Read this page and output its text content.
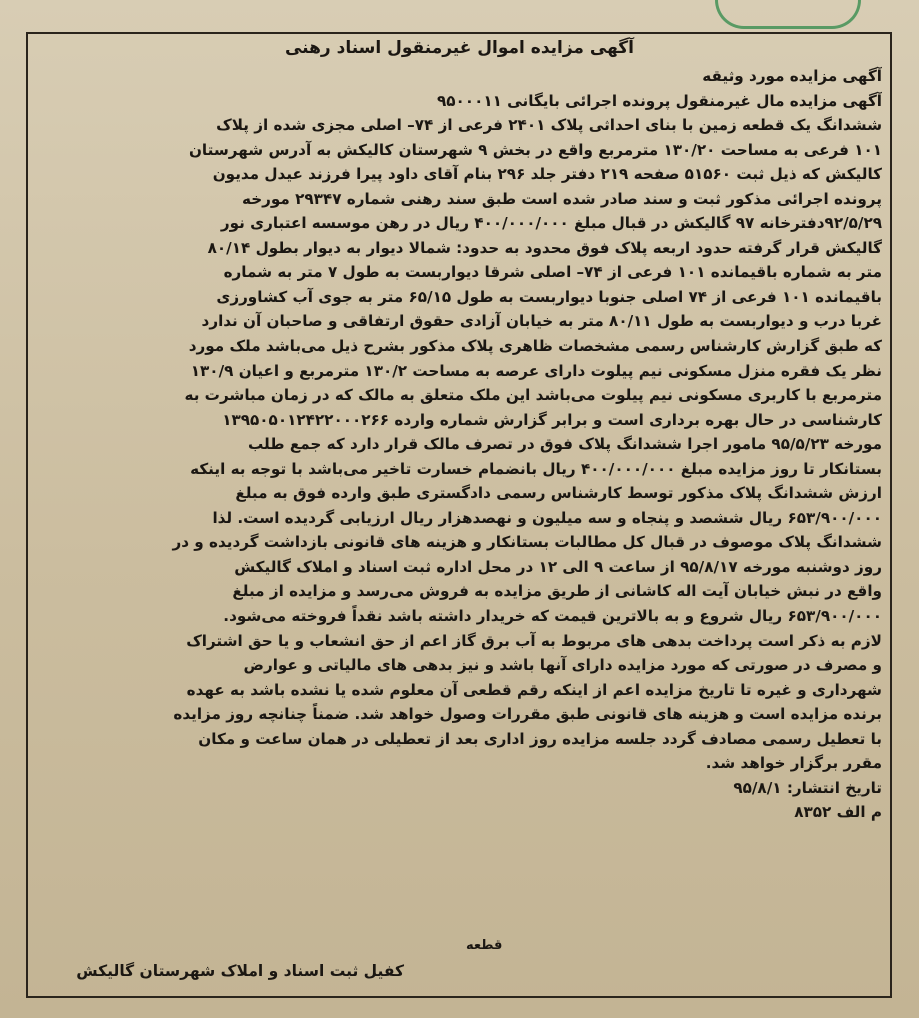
آگهی مزایده اموال غیرمنقول اسناد رهنی
آگهی مزایده مورد وثیقه
آگهی مزایده مال غیرمنقول پرونده اجرائی بایگانی ۹۵۰۰۰۱۱
ششدانگ یک قطعه زمین با بنای احداثی پلاک ۲۴۰۱ فرعی از ۷۴– اصلی مجزی شده از پلاک
۱۰۱ فرعی به مساحت ۱۳۰/۲۰ مترمربع واقع در بخش ۹ شهرستان کالیکش به آدرس شهرستان
کالیکش که ذیل ثبت ۵۱۵۶۰ صفحه ۲۱۹ دفتر جلد ۲۹۶ بنام آقای داود پیرا فرزند عیدل مدیون
پرونده اجرائی مذکور ثبت و سند صادر شده است طبق سند رهنی شماره ۲۹۳۴۷ مورخه
۹۲/۵/۲۹دفترخانه ۹۷ گالیکش در قبال مبلغ ۴۰۰/۰۰۰/۰۰۰ ریال در رهن موسسه اعتباری نور
گالیکش قرار گرفته حدود اربعه پلاک فوق محدود به حدود: شمالا دیوار به دیوار بطول ۸۰/۱۴
متر به شماره باقیمانده ۱۰۱ فرعی از ۷۴– اصلی شرقا دیواربست به طول ۷ متر به شماره
باقیمانده ۱۰۱ فرعی از ۷۴ اصلی جنوبا دیواربست به طول ۶۵/۱۵ متر به جوی آب کشاورزی
غربا درب و دیواربست به طول ۸۰/۱۱ متر به خیابان آزادی حقوق ارتفاقی و صاحبان آن ندارد
که طبق گزارش کارشناس رسمی مشخصات ظاهری پلاک مذکور بشرح ذیل می‌باشد ملک مورد
نظر یک فقره منزل مسکونی نیم پیلوت دارای عرصه به مساحت ۱۳۰/۲ مترمربع و اعیان ۱۳۰/۹
مترمربع با کاربری مسکونی نیم پیلوت می‌باشد این ملک متعلق به مالک که در زمان مباشرت به
کارشناسی در حال بهره برداری است و برابر گزارش شماره وارده ۱۳۹۵۰۵۰۱۲۴۲۲۰۰۰۲۶۶
مورخه ۹۵/۵/۲۳ مامور اجرا ششدانگ پلاک فوق در تصرف مالک قرار دارد که جمع طلب
بستانکار تا روز مزایده مبلغ ۴۰۰/۰۰۰/۰۰۰ ریال بانضمام خسارت تاخیر می‌باشد با توجه به اینکه
ارزش ششدانگ پلاک مذکور توسط کارشناس رسمی دادگستری طبق وارده فوق به مبلغ
۶۵۳/۹۰۰/۰۰۰ ریال ششصد و پنجاه و سه میلیون و نهصدهزار ریال ارزیابی گردیده است. لذا
ششدانگ پلاک موصوف در قبال کل مطالبات بستانکار و هزینه های قانونی بازداشت گردیده و در
روز دوشنبه مورخه ۹۵/۸/۱۷ از ساعت ۹ الی ۱۲ در محل اداره ثبت اسناد و املاک گالیکش
واقع در نبش خیابان آیت اله کاشانی از طریق مزایده به فروش می‌رسد و مزایده از مبلغ
۶۵۳/۹۰۰/۰۰۰ ریال شروع و به بالاترین قیمت که خریدار داشته باشد نقداً فروخته می‌شود.
لازم به ذکر است پرداخت بدهی های مربوط به آب برق گاز اعم از حق انشعاب و یا حق اشتراک
و مصرف در صورتی که مورد مزایده دارای آنها باشد و نیز بدهی های مالیاتی و عوارض
شهرداری و غیره تا تاریخ مزایده اعم از اینکه رقم قطعی آن معلوم شده یا نشده باشد به عهده
برنده مزایده است و هزینه های قانونی طبق مقررات وصول خواهد شد. ضمناً چنانچه روز مزایده
با تعطیل رسمی مصادف گردد جلسه مزایده روز اداری بعد از تعطیلی در همان ساعت و مکان
مقرر برگزار خواهد شد.
تاریخ انتشار: ۹۵/۸/۱
م الف ۸۳۵۲
قطعه
کفیل ثبت اسناد و املاک شهرستان گالیکش
